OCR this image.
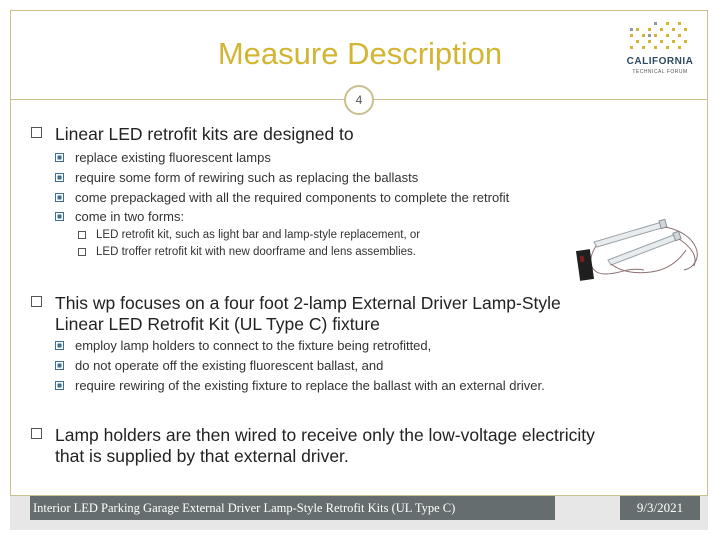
Measure Description	CALIFORNIA
TECHNICAL FORUM
4
Linear LED retrofit kits are designed to
replace existing fluorescent lamps
require some form of rewiring such as replacing the ballasts
come prepackaged with all the required components to complete the retrofit
come in two forms:
LED retrofit kit, such as light bar and lamp-style replacement, or
LED troffer retrofit kit with new doorframe and lens assemblies.
This wp focuses on a four foot 2-lamp External Driver Lamp-Style
Linear LED Retrofit Kit (UL Type C) fixture
employ lamp holders to connect to the fixture being retrofitted,
do not operate off the existing fluorescent ballast, and
require rewiring of the existing fixture to replace the ballast with an external driver.
Lamp holders are then wired to receive only the low-voltage electricity
that is supplied by that external driver.
Interior LED Parking Garage External Driver Lamp-Style Retrofit Kits (UL Type C)	9/3/2021
